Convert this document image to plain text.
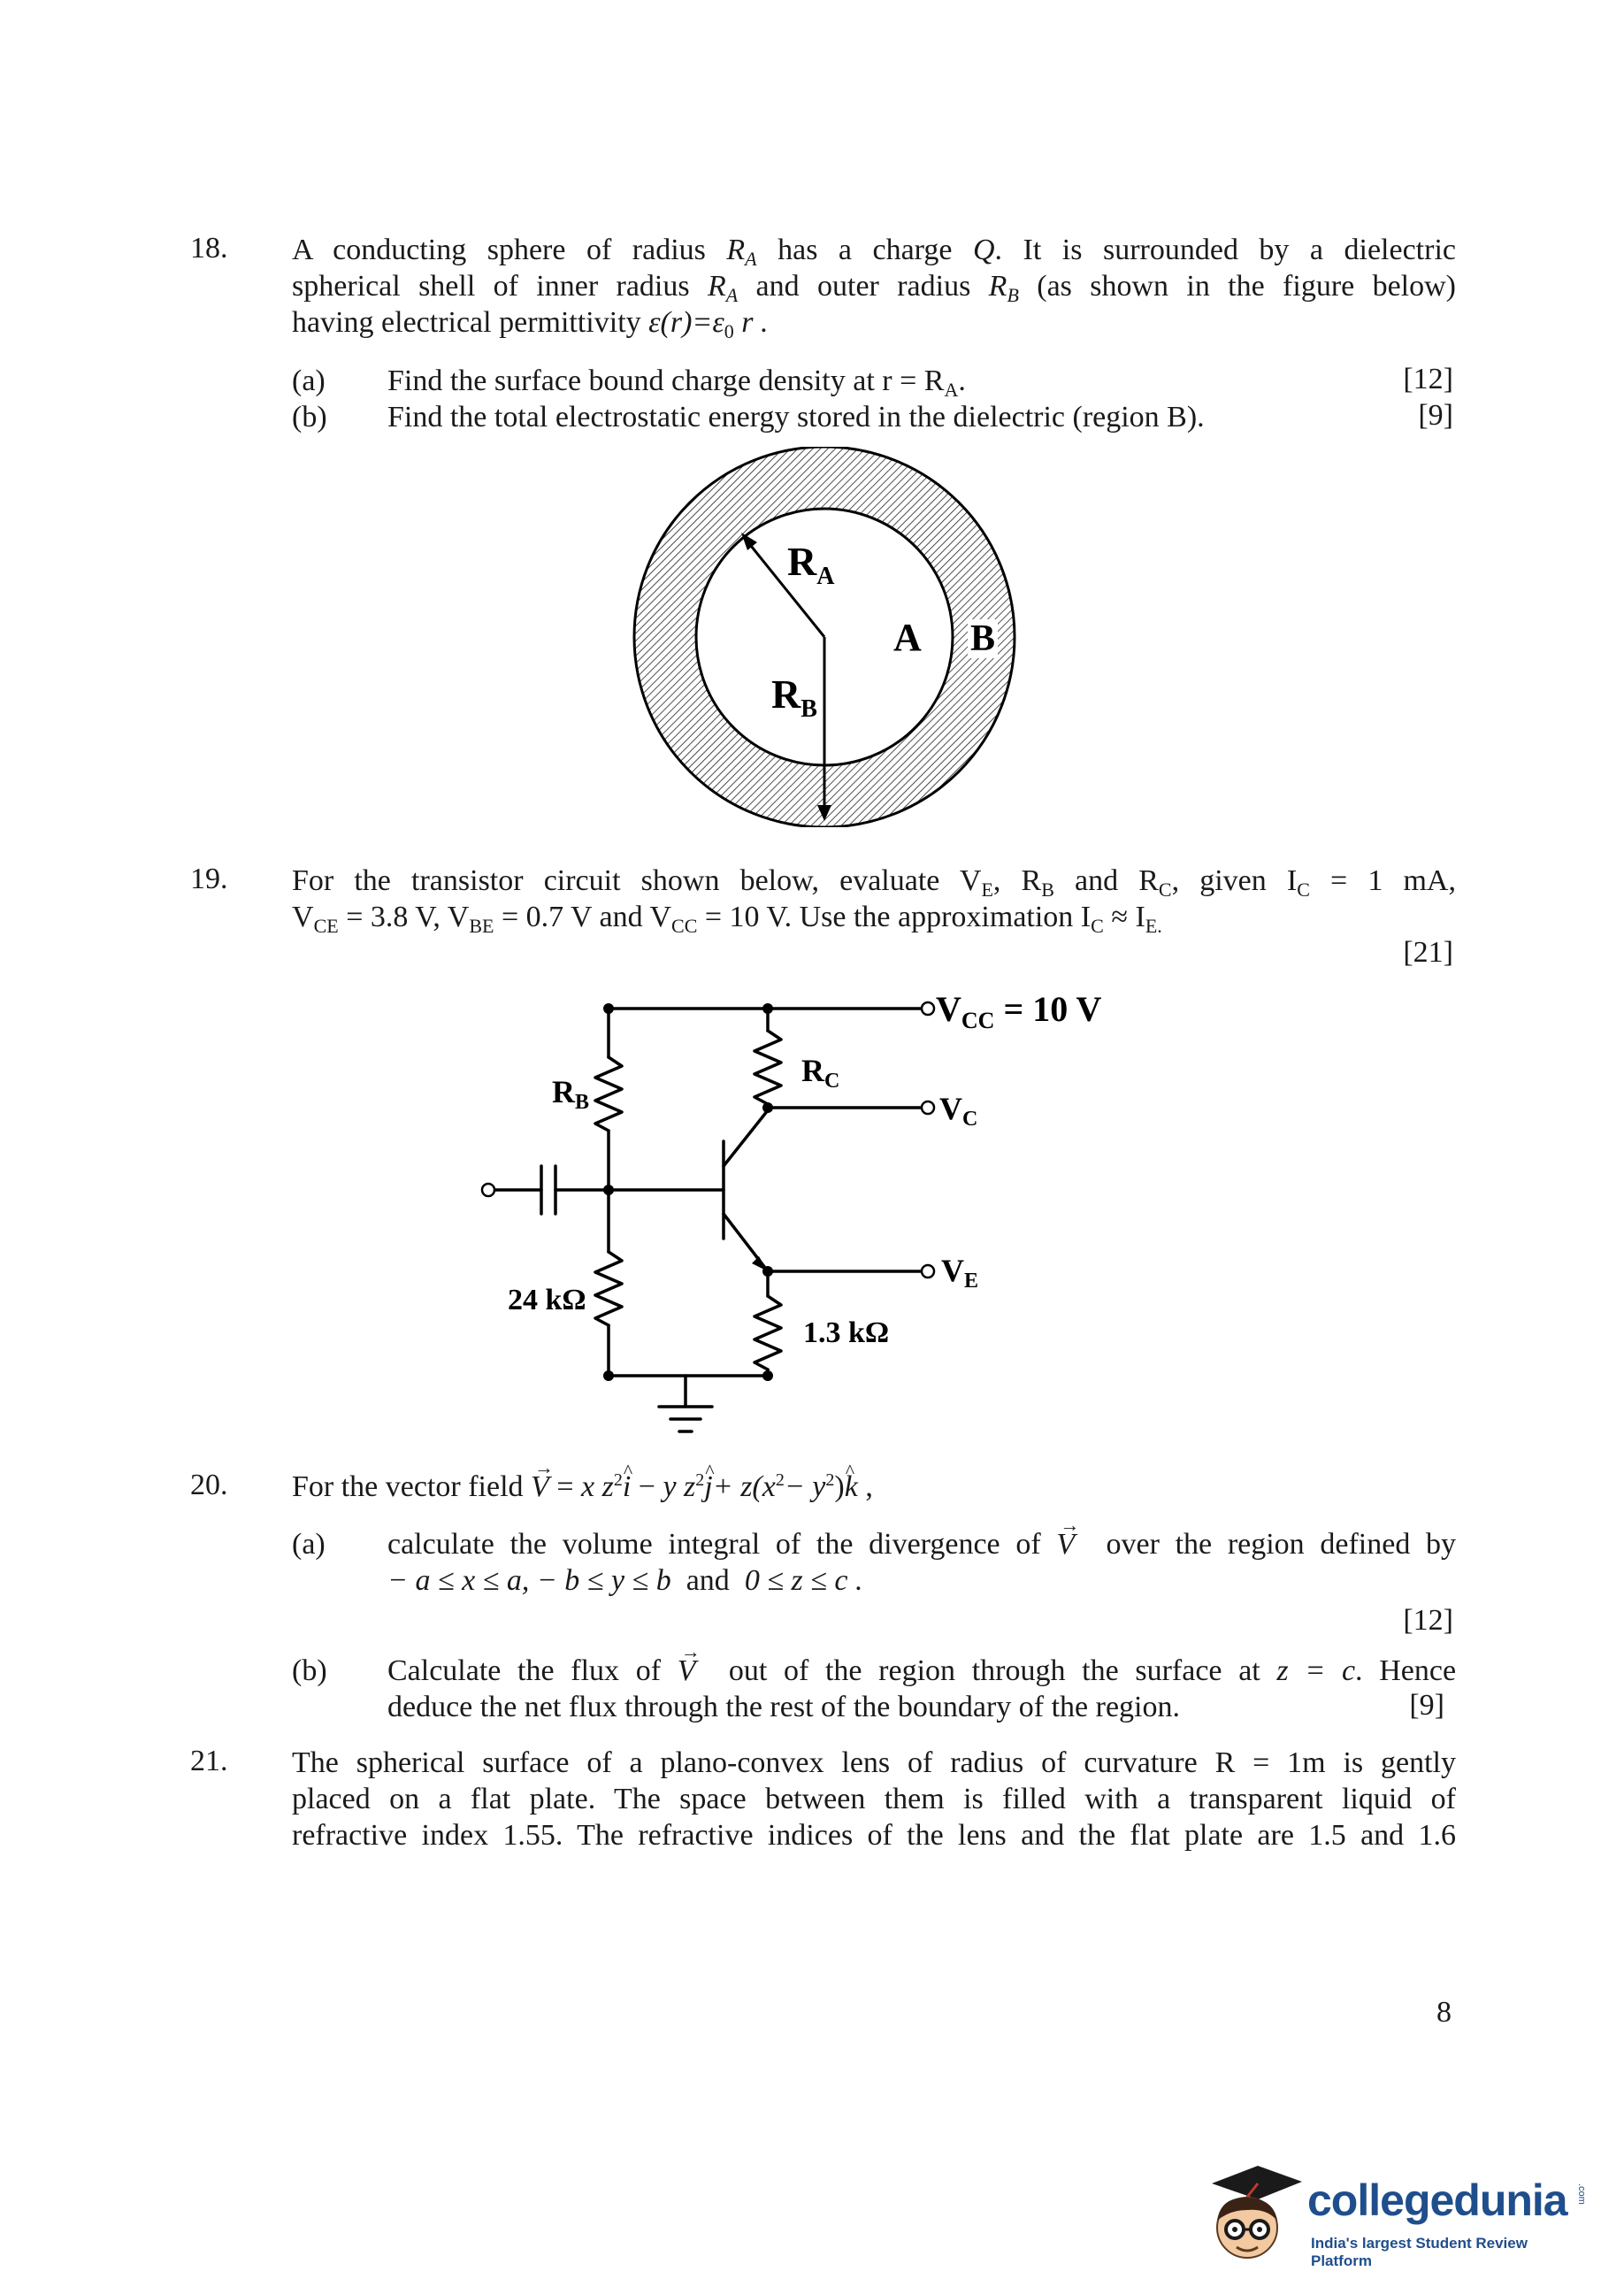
18. A conducting sphere of radius $R_A$ has a charge Q. It is surrounded by a dielectric
spherical shell of inner radius $R_A$ and outer radius $R_B$ (as shown in the figure below)
having electrical permittivity $\varepsilon(r)=\varepsilon_0$ r .
(a) Find the surface bound charge density at $r = R_A$.	[12]
(b) Find the total electrostatic energy stored in the dielectric (region B).	[9]
$R_A$
$R_B$
A B
19. For the transistor circuit shown below, evaluate $V_E$, $R_B$ and $R_C$, given $I_C = 1$ mA,
$V_{CE} = 3.8$ V, $V_{BE} = 0.7$ V and $V_{CC} = 10$ V. Use the approximation $I_C \approx I_{E.}$
[21]
$V_{CC} = 10$ V
RC
RB	VC
VE
24 kΩ
1.3 kΩ
20. For the vector field → V = x $z^2\^{}$ i − y $z^2\^{}$ $j+ z(x^2-$ $y^2)\^{}$ k ,
(a) calculate the volume integral of the divergence of → V over the region defined by
− a ≤ x ≤ a, − b ≤ y ≤ b and 0 ≤ z ≤ c .
[12]
(b) Calculate the flux of → V out of the region through the surface at z = c. Hence
deduce the net flux through the rest of the boundary of the region.	[9]
21. The spherical surface of a plano-convex lens of radius of curvature R = 1m is gently
placed on a flat plate. The space between them is filled with a transparent liquid of
refractive index 1.55. The refractive indices of the lens and the flat plate are 1.5 and 1.6
8
collegedunia .com
India's largest Student Review Platform
